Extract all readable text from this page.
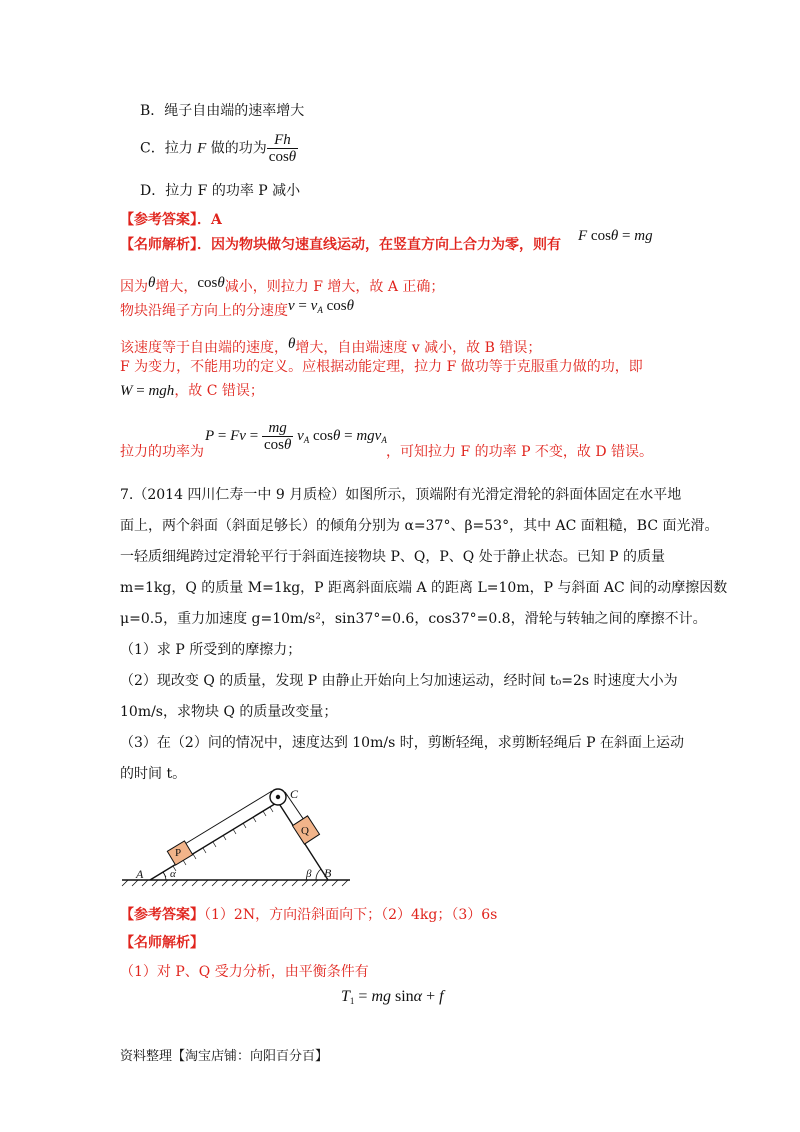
B．绳子自由端的速率增大
C．拉力 F 做的功为 $\frac{Fh}{\cos\theta}$
D．拉力 F 的功率 P 减小
【参考答案】．A
【名师解析】．因为物块做匀速直线运动，在竖直方向上合力为零，则有
F cosθ = mg
因为θ增大，cosθ减小，则拉力 F 增大，故 A 正确；
物块沿绳子方向上的分速度$v = v_A$ cosθ
该速度等于自由端的速度，θ增大，自由端速度 v 减小，故 B 错误；
F 为变力，不能用功的定义。应根据动能定理，拉力 F 做功等于克服重力做的功，即
W = mgh，故 C 错误；
$P = Fv = \frac{mg}{\cos\theta} v_A$ cosθ = mgv$_A$
拉力的功率为	，可知拉力 F 的功率 P 不变，故 D 错误。
7.（2014 四川仁寿一中 9 月质检）如图所示，顶端附有光滑定滑轮的斜面体固定在水平地
面上，两个斜面（斜面足够长）的倾角分别为 α=37°、β=53°，其中 AC 面粗糙，BC 面光滑。
一轻质细绳跨过定滑轮平行于斜面连接物块 P、Q，P、Q 处于静止状态。已知 P 的质量
m=1kg，Q 的质量 M=1kg，P 距离斜面底端 A 的距离 L=10m，P 与斜面 AC 间的动摩擦因数
μ=0.5，重力加速度 g=10m/s²，sin37°=0.6，cos37°=0.8，滑轮与转轴之间的摩擦不计。
（1）求 P 所受到的摩擦力；
（2）现改变 Q 的质量，发现 P 由静止开始向上匀加速运动，经时间 t₀=2s 时速度大小为
10m/s，求物块 Q 的质量改变量；
（3）在（2）问的情况中，速度达到 10m/s 时，剪断轻绳，求剪断轻绳后 P 在斜面上运动
的时间 t。
P
Q
A α	β B
C
【参考答案】（1）2N，方向沿斜面向下；（2）4kg；（3）6s
【名师解析】
（1）对 P、Q 受力分析，由平衡条件有
$T_1$ = mg sinα + f
资料整理【淘宝店铺：向阳百分百】
